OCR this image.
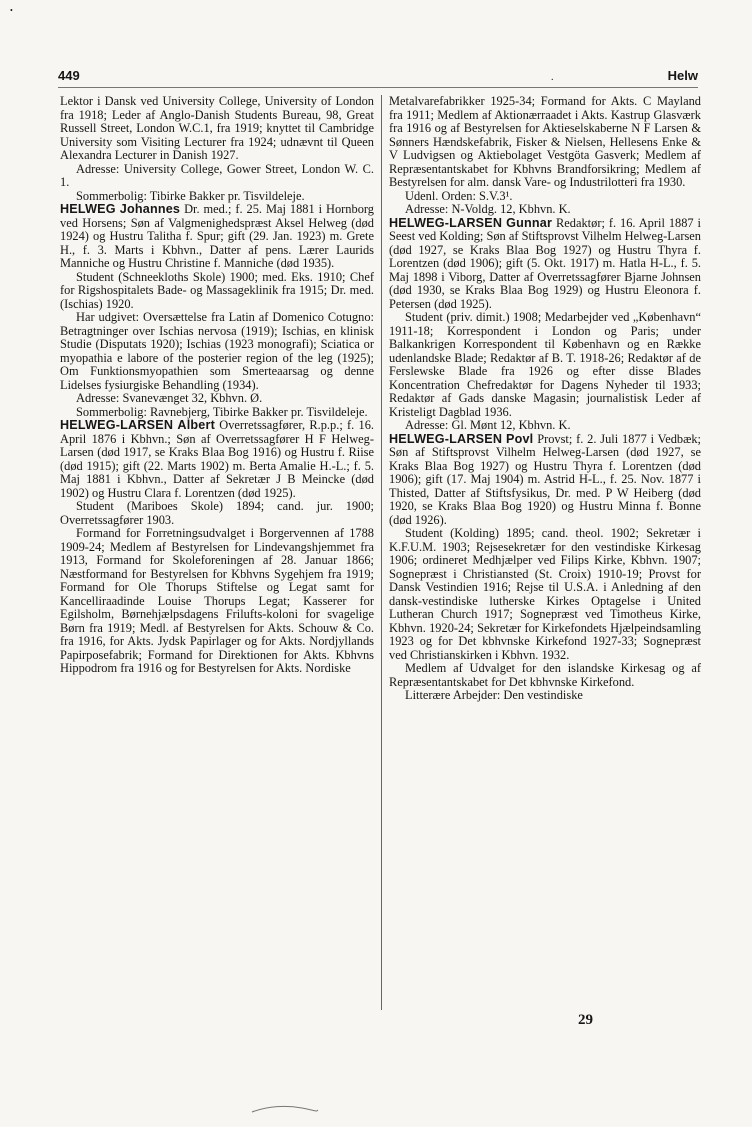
•
449	.	Helw

Lektor i Dansk ved University College, University of London fra 1918; Leder af Anglo-Danish Students Bureau, 98, Great Russell Street, London W.C.1, fra 1919; knyttet til Cambridge University som Visiting Lecturer fra 1924; udnævnt til Queen Alexandra Lecturer in Danish 1927.

Adresse: University College, Gower Street, London W. C. 1.

Sommerbolig: Tibirke Bakker pr. Tisvildeleje.

HELWEG Johannes Dr. med.; f. 25. Maj 1881 i Hornborg ved Horsens; Søn af Valgmenighedspræst Aksel Helweg (død 1924) og Hustru Talitha f. Spur; gift (29. Jan. 1923) m. Grete H., f. 3. Marts i Kbhvn., Datter af pens. Lærer Laurids Manniche og Hustru Christine f. Manniche (død 1935).

Student (Schneekloths Skole) 1900; med. Eks. 1910; Chef for Rigshospitalets Bade- og Massageklinik fra 1915; Dr. med. (Ischias) 1920.

Har udgivet: Oversættelse fra Latin af Domenico Cotugno: Betragtninger over Ischias nervosa (1919); Ischias, en klinisk Studie (Disputats 1920); Ischias (1923 monografi); Sciatica or myopathia e labore of the posterier region of the leg (1925); Om Funktionsmyopathien som Smerteaarsag og denne Lidelses fysiurgiske Behandling (1934).

Adresse: Svanevænget 32, Kbhvn. Ø.

Sommerbolig: Ravnebjerg, Tibirke Bakker pr. Tisvildeleje.

HELWEG-LARSEN Albert Overretssagfører, R.p.p.; f. 16. April 1876 i Kbhvn.; Søn af Overretssagfører H F Helweg-Larsen (død 1917, se Kraks Blaa Bog 1916) og Hustru f. Riise (død 1915); gift (22. Marts 1902) m. Berta Amalie H.-L.; f. 5. Maj 1881 i Kbhvn., Datter af Sekretær J B Meincke (død 1902) og Hustru Clara f. Lorentzen (død 1925).

Student (Mariboes Skole) 1894; cand. jur. 1900; Overretssagfører 1903.

Formand for Forretningsudvalget i Borgervennen af 1788 1909-24; Medlem af Bestyrelsen for Lindevangshjemmet fra 1913, Formand for Skoleforeningen af 28. Januar 1866; Næstformand for Bestyrelsen for Kbhvns Sygehjem fra 1919; Formand for Ole Thorups Stiftelse og Legat samt for Kancelliraadinde Louise Thorups Legat; Kasserer for Egilsholm, Børnehjælpsdagens Frilufts-koloni for svagelige Børn fra 1919; Medl. af Bestyrelsen for Akts. Schouw & Co. fra 1916, for Akts. Jydsk Papirlager og for Akts. Nordjyllands Papirposefabrik; Formand for Direktionen for Akts. Kbhvns Hippodrom fra 1916 og for Bestyrelsen for Akts. Nordiske

Metalvarefabrikker 1925-34; Formand for Akts. C Mayland fra 1911; Medlem af Aktionærraadet i Akts. Kastrup Glasværk fra 1916 og af Bestyrelsen for Aktieselskaberne N F Larsen & Sønners Hændskefabrik, Fisker & Nielsen, Hellesens Enke & V Ludvigsen og Aktiebolaget Vestgöta Gasverk; Medlem af Repræsentantskabet for Kbhvns Brandforsikring; Medlem af Bestyrelsen for alm. dansk Vare- og Industrilotteri fra 1930.

Udenl. Orden: S.V.3¹.

Adresse: N-Voldg. 12, Kbhvn. K.

HELWEG-LARSEN Gunnar Redaktør; f. 16. April 1887 i Seest ved Kolding; Søn af Stiftsprovst Vilhelm Helweg-Larsen (død 1927, se Kraks Blaa Bog 1927) og Hustru Thyra f. Lorentzen (død 1906); gift (5. Okt. 1917) m. Hatla H-L., f. 5. Maj 1898 i Viborg, Datter af Overretssagfører Bjarne Johnsen (død 1930, se Kraks Blaa Bog 1929) og Hustru Eleonora f. Petersen (død 1925).

Student (priv. dimit.) 1908; Medarbejder ved „København“ 1911-18; Korrespondent i London og Paris; under Balkankrigen Korrespondent til København og en Række udenlandske Blade; Redaktør af B. T. 1918-26; Redaktør af de Ferslewske Blade fra 1926 og efter disse Blades Koncentration Chefredaktør for Dagens Nyheder til 1933; Redaktør af Gads danske Magasin; journalistisk Leder af Kristeligt Dagblad 1936.

Adresse: Gl. Mønt 12, Kbhvn. K.

HELWEG-LARSEN Povl Provst; f. 2. Juli 1877 i Vedbæk; Søn af Stiftsprovst Vilhelm Helweg-Larsen (død 1927, se Kraks Blaa Bog 1927) og Hustru Thyra f. Lorentzen (død 1906); gift (17. Maj 1904) m. Astrid H-L., f. 25. Nov. 1877 i Thisted, Datter af Stiftsfysikus, Dr. med. P W Heiberg (død 1920, se Kraks Blaa Bog 1920) og Hustru Minna f. Bonne (død 1926).

Student (Kolding) 1895; cand. theol. 1902; Sekretær i K.F.U.M. 1903; Rejsesekretær for den vestindiske Kirkesag 1906; ordineret Medhjælper ved Filips Kirke, Kbhvn. 1907; Sognepræst i Christiansted (St. Croix) 1910-19; Provst for Dansk Vestindien 1916; Rejse til U.S.A. i Anledning af den dansk-vestindiske lutherske Kirkes Optagelse i United Lutheran Church 1917; Sognepræst ved Timotheus Kirke, Kbhvn. 1920-24; Sekretær for Kirkefondets Hjælpeindsamling 1923 og for Det kbhvnske Kirkefond 1927-33; Sognepræst ved Christianskirken i Kbhvn. 1932.

Medlem af Udvalget for den islandske Kirkesag og af Repræsentantskabet for Det kbhvnske Kirkefond.

Litterære Arbejder: Den vestindiske

29
